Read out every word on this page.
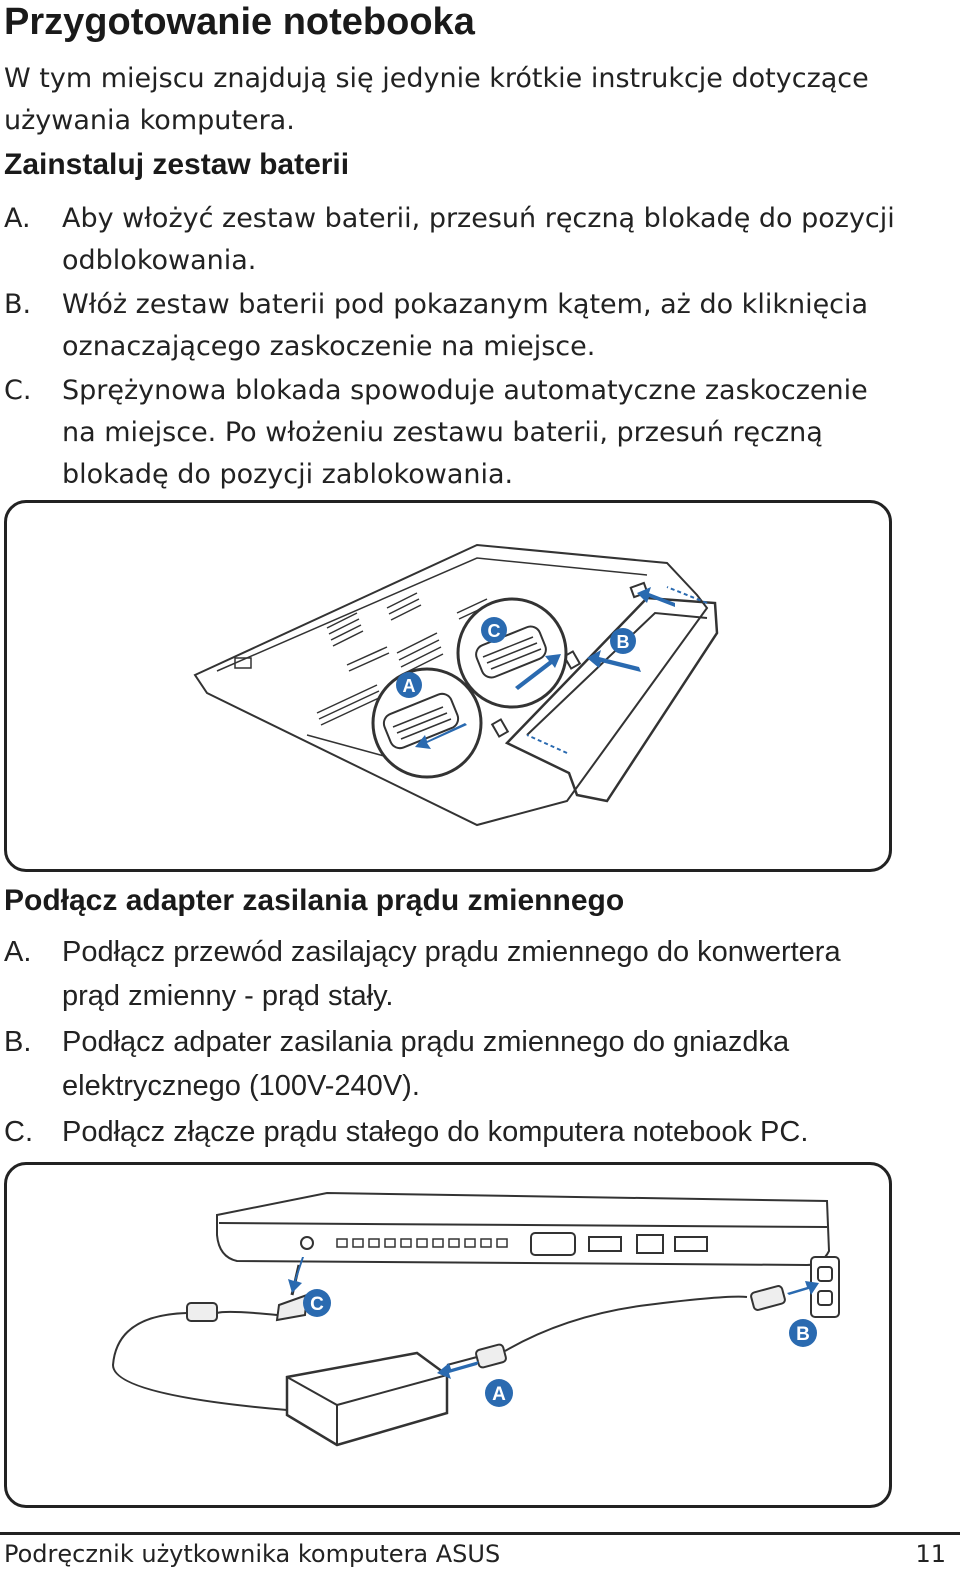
Przygotowanie notebooka
W tym miejscu znajdują się jedynie krótkie instrukcje dotyczące używania komputera.
Zainstaluj zestaw baterii
A.	Aby włożyć zestaw baterii, przesuń ręczną blokadę do pozycji odblokowania.
B.	Włóż zestaw baterii pod pokazanym kątem, aż do kliknięcia oznaczającego zaskoczenie na miejsce.
C.	Sprężynowa blokada spowoduje automatyczne zaskoczenie na miejsce. Po włożeniu zestawu baterii, przesuń ręczną blokadę do pozycji zablokowania.
A
C
B
Podłącz adapter zasilania prądu zmiennego
A.	Podłącz przewód zasilający prądu zmiennego do konwertera prąd zmienny - prąd stały.
B.	Podłącz adpater zasilania prądu zmiennego do gniazdka elektrycznego (100V-240V).
C.	Podłącz złącze prądu stałego do komputera notebook PC.
C
A
B
Podręcznik użytkownika komputera ASUS	11
